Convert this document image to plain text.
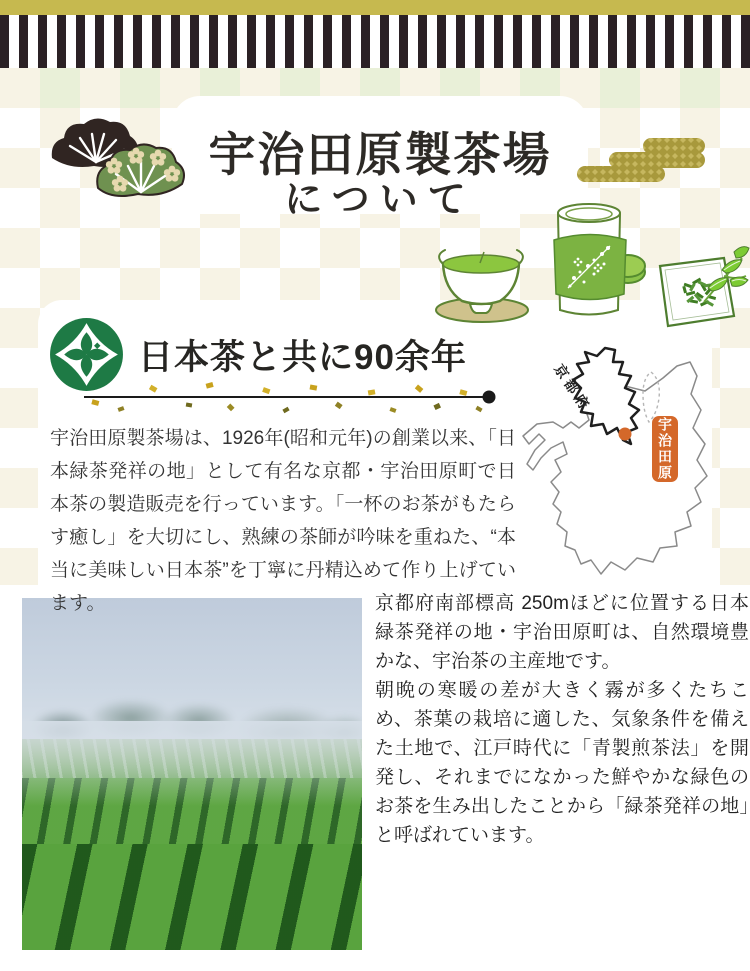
宇治田原製茶場
について
日本茶と共に90余年

宇治田原製茶場は、1926年(昭和元年)の創業以来、「日本緑茶発祥の地」として有名な京都・宇治田原町で日本茶の製造販売を行っています。「一杯のお茶がもたらす癒し」を大切にし、熟練の茶師が吟味を重ねた、“本当に美味しい日本茶”を丁寧に丹精込めて作り上げています。

京都府
宇治田原

京都府南部標高 250mほどに位置する日本緑茶発祥の地・宇治田原町は、自然環境豊かな、宇治茶の主産地です。

朝晩の寒暖の差が大きく霧が多くたちこめ、茶葉の栽培に適した、気象条件を備えた土地で、江戸時代に「青製煎茶法」を開発し、それまでになかった鮮やかな緑色のお茶を生み出したことから「緑茶発祥の地」と呼ばれています。
